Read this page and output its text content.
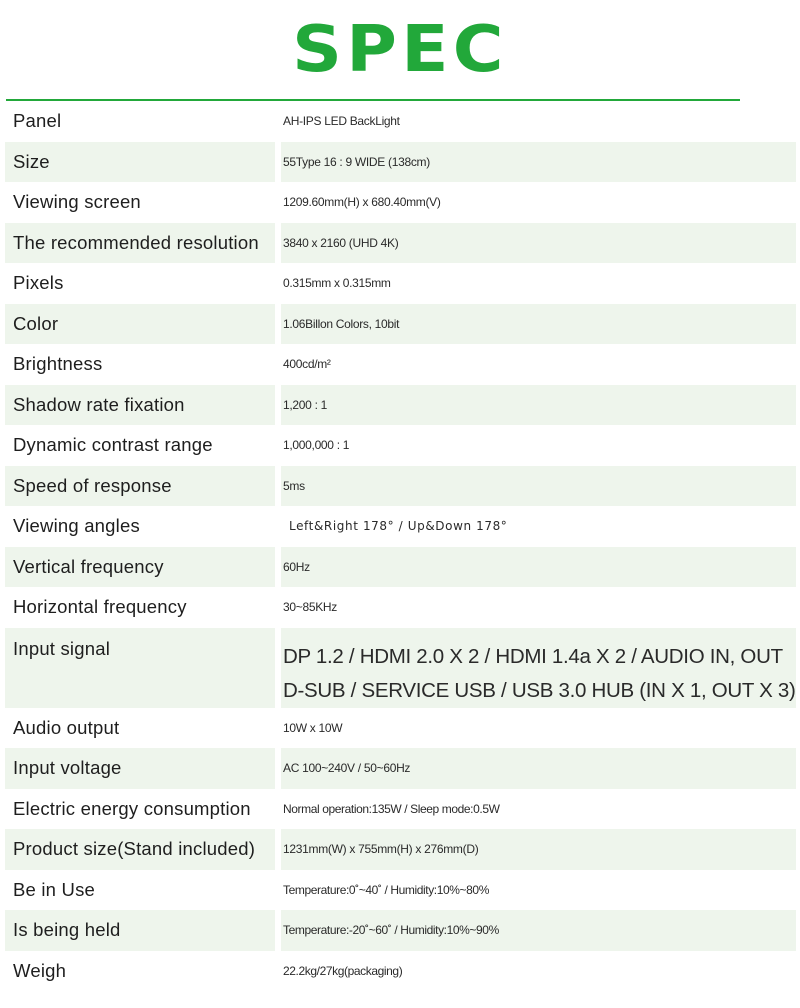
SPEC
Panel	AH-IPS LED BackLight
Size	55Type 16 : 9 WIDE (138cm)
Viewing screen	1209.60mm(H) x 680.40mm(V)
The recommended resolution	3840 x 2160 (UHD 4K)
Pixels	0.315mm x 0.315mm
Color	1.06Billon Colors, 10bit
Brightness	400cd/m²
Shadow rate fixation	1,200 : 1
Dynamic contrast range	1,000,000 : 1
Speed of response	5ms
Viewing angles	Left&Right 178° / Up&Down 178°
Vertical frequency	60Hz
Horizontal frequency	30~85KHz
Input signal	DP 1.2 / HDMI 2.0 X 2 / HDMI 1.4a X 2 / AUDIO IN, OUT
D-SUB / SERVICE USB / USB 3.0 HUB (IN X 1, OUT X 3)
Audio output	10W x 10W
Input voltage	AC 100~240V / 50~60Hz
Electric energy consumption	Normal operation:135W / Sleep mode:0.5W
Product size(Stand included)	1231mm(W) x 755mm(H) x 276mm(D)
Be in Use	Temperature:0˚~40˚ / Humidity:10%~80%
Is being held	Temperature:-20˚~60˚ / Humidity:10%~90%
Weigh	22.2kg/27kg(packaging)
